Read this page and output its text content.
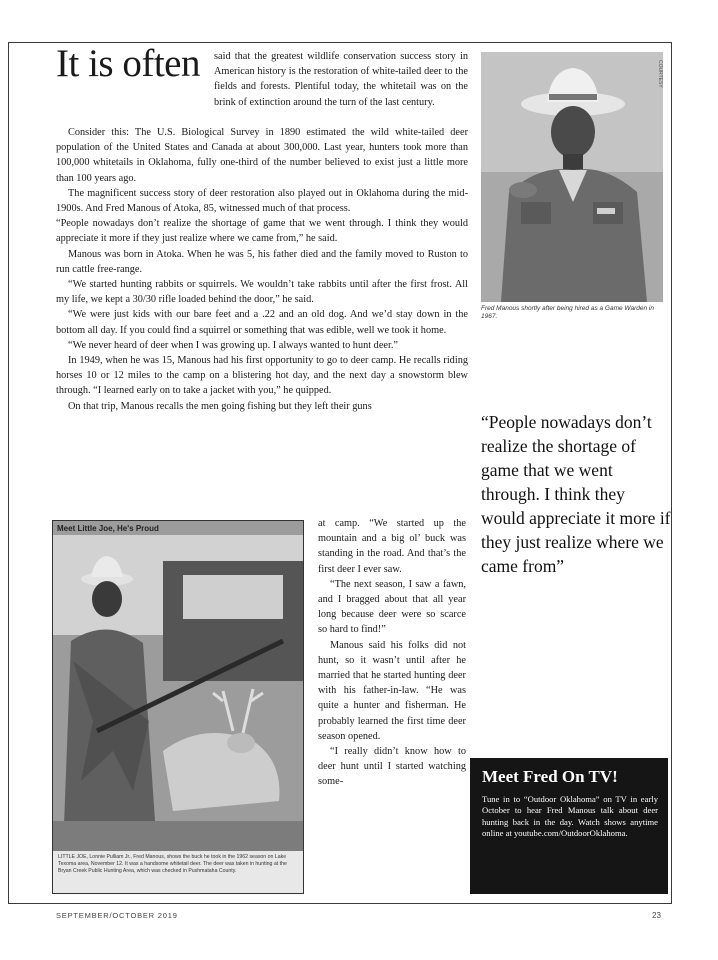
It is often	said that the greatest wildlife conservation success story in American history is the restoration of white-tailed deer to the fields and forests. Plentiful today, the whitetail was on the brink of extinction around the turn of the last century.

Consider this: The U.S. Biological Survey in 1890 estimated the wild white-tailed deer population of the United States and Canada at about 300,000. Last year, hunters took more than 100,000 whitetails in Oklahoma, fully one-third of the number believed to exist just a little more than 100 years ago.

The magnificent success story of deer restoration also played out in Oklahoma during the mid-1900s. And Fred Manous of Atoka, 85, witnessed much of that process.

“People nowadays don’t realize the shortage of game that we went through. I think they would appreciate it more if they just realize where we came from,” he said.

Manous was born in Atoka. When he was 5, his father died and the family moved to Ruston to run cattle free-range.

“We started hunting rabbits or squirrels. We wouldn’t take rabbits until after the first frost. All my life, we kept a 30/30 rifle loaded behind the door,” he said.

“We were just kids with our bare feet and a .22 and an old dog. And we’d stay down in the bottom all day. If you could find a squirrel or something that was edible, well we took it home.

“We never heard of deer when I was growing up. I always wanted to hunt deer.”

In 1949, when he was 15, Manous had his first opportunity to go to deer camp. He recalls riding horses 10 or 12 miles to the camp on a blistering hot day, and the next day a snowstorm blew through. “I learned early on to take a jacket with you,” he quipped.

On that trip, Manous recalls the men going fishing but they left their guns

at camp. “We started up the mountain and a big ol’ buck was standing in the road. And that’s the first deer I ever saw.

“The next season, I saw a fawn, and I bragged about that all year long because deer were so scarce so hard to find!”

Manous said his folks did not hunt, so it wasn’t until after he married that he started hunting deer with his father-in-law. “He was quite a hunter and fisherman. He probably learned the first time deer season opened.

“I really didn’t know how to deer hunt until I started watching some-

COURTESY
Fred Manous shortly after being hired as a Game Warden in 1967.
“People nowadays don’t realize the shortage of game that we went through. I think they would appreciate it more if they just realize where we came from”
Meet Little Joe, He's Proud
LITTLE JOE, Lonnie Pulliam Jr., Fred Manous, shows the buck he took in the 1962 season on Lake Texoma area, November 12. It was a handsome whitetail deer. The deer was taken in hunting at the Bryan Creek Public Hunting Area, which was checked in Pushmataha County.
Meet Fred On TV!
Tune in to “Outdoor Oklahoma” on TV in early October to hear Fred Manous talk about deer hunting back in the day. Watch shows anytime online at youtube.com/OutdoorOklahoma.
SEPTEMBER/OCTOBER 2019	23
